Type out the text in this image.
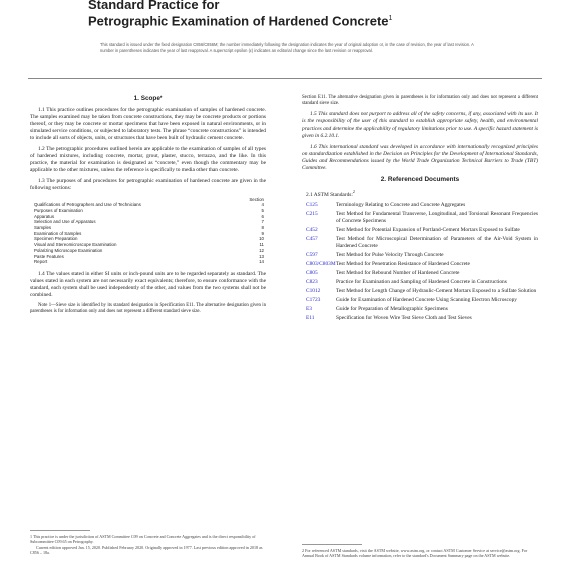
Standard Practice for
Petrographic Examination of Hardened Concrete$^1$
This standard is issued under the fixed designation C856/C856M; the number immediately following the designation indicates the year of original adoption or, in the case of revision, the year of last revision. A number in parentheses indicates the year of last reapproval. A superscript epsilon (ε) indicates an editorial change since the last revision or reapproval.
1. Scope*

1.1 This practice outlines procedures for the petrographic examination of samples of hardened concrete. The samples examined may be taken from concrete constructions, they may be concrete products or portions thereof, or they may be concrete or mortar specimens that have been exposed in natural environments, or in simulated service conditions, or subjected to laboratory tests. The phrase “concrete constructions” is intended to include all sorts of objects, units, or structures that have been built of hydraulic cement concrete.

1.2 The petrographic procedures outlined herein are applicable to the examination of samples of all types of hardened mixtures, including concrete, mortar, grout, plaster, stucco, terrazzo, and the like. In this practice, the material for examination is designated as “concrete,” even though the commentary may be applicable to the other mixtures, unless the reference is specifically to media other than concrete.

1.3 The purposes of and procedures for petrographic examination of hardened concrete are given in the following sections:

Section
Qualifications of Petrographers and Use of Technicians	4
Purposes of Examination	5
Apparatus	6
Selection and Use of Apparatus	7
Samples	8
Examination of Samples	9
Specimen Preparation	10
Visual and Stereomicroscope Examination	11
Polarizing Microscope Examination	12
Paste Features	13
Report	14

1.4 The values stated in either SI units or inch-pound units are to be regarded separately as standard. The values stated in each system are not necessarily exact equivalents; therefore, to ensure conformance with the standard, each system shall be used independently of the other, and values from the two systems shall not be combined.

Note 1—Sieve size is identified by its standard designation in Specification E11. The alternative designation given in parentheses is for information only and does not represent a different standard sieve size.

1 This practice is under the jurisdiction of ASTM Committee C09 on Concrete and Concrete Aggregates and is the direct responsibility of Subcommittee C09.65 on Petrography.
Current edition approved Jan. 15, 2020. Published February 2020. Originally approved in 1977. Last previous edition approved in 2018 as C856 – 18a.

Section E11. The alternative designation given in parentheses is for information only and does not represent a different standard sieve size.

1.5 This standard does not purport to address all of the safety concerns, if any, associated with its use. It is the responsibility of the user of this standard to establish appropriate safety, health, and environmental practices and determine the applicability of regulatory limitations prior to use. A specific hazard statement is given in 6.2.10.1.

1.6 This international standard was developed in accordance with internationally recognized principles on standardization established in the Decision on Principles for the Development of International Standards, Guides and Recommendations issued by the World Trade Organization Technical Barriers to Trade (TBT) Committee.

2. Referenced Documents
2.1 ASTM Standards:$^2$
C125	Terminology Relating to Concrete and Concrete Aggregates
C215	Test Method for Fundamental Transverse, Longitudinal, and Torsional Resonant Frequencies of Concrete Specimens
C452	Test Method for Potential Expansion of Portland-Cement Mortars Exposed to Sulfate
C457	Test Method for Microscopical Determination of Parameters of the Air-Void System in Hardened Concrete
C597	Test Method for Pulse Velocity Through Concrete
C803/C803M Test Method for Penetration Resistance of Hardened Concrete
C805	Test Method for Rebound Number of Hardened Concrete
C823	Practice for Examination and Sampling of Hardened Concrete in Constructions
C1012	Test Method for Length Change of Hydraulic-Cement Mortars Exposed to a Sulfate Solution
C1723	Guide for Examination of Hardened Concrete Using Scanning Electron Microscopy
E3	Guide for Preparation of Metallographic Specimens
E11	Specification for Woven Wire Test Sieve Cloth and Test Sieves
2 For referenced ASTM standards, visit the ASTM website, www.astm.org, or contact ASTM Customer Service at service@astm.org. For Annual Book of ASTM Standards volume information, refer to the standard's Document Summary page on the ASTM website.
